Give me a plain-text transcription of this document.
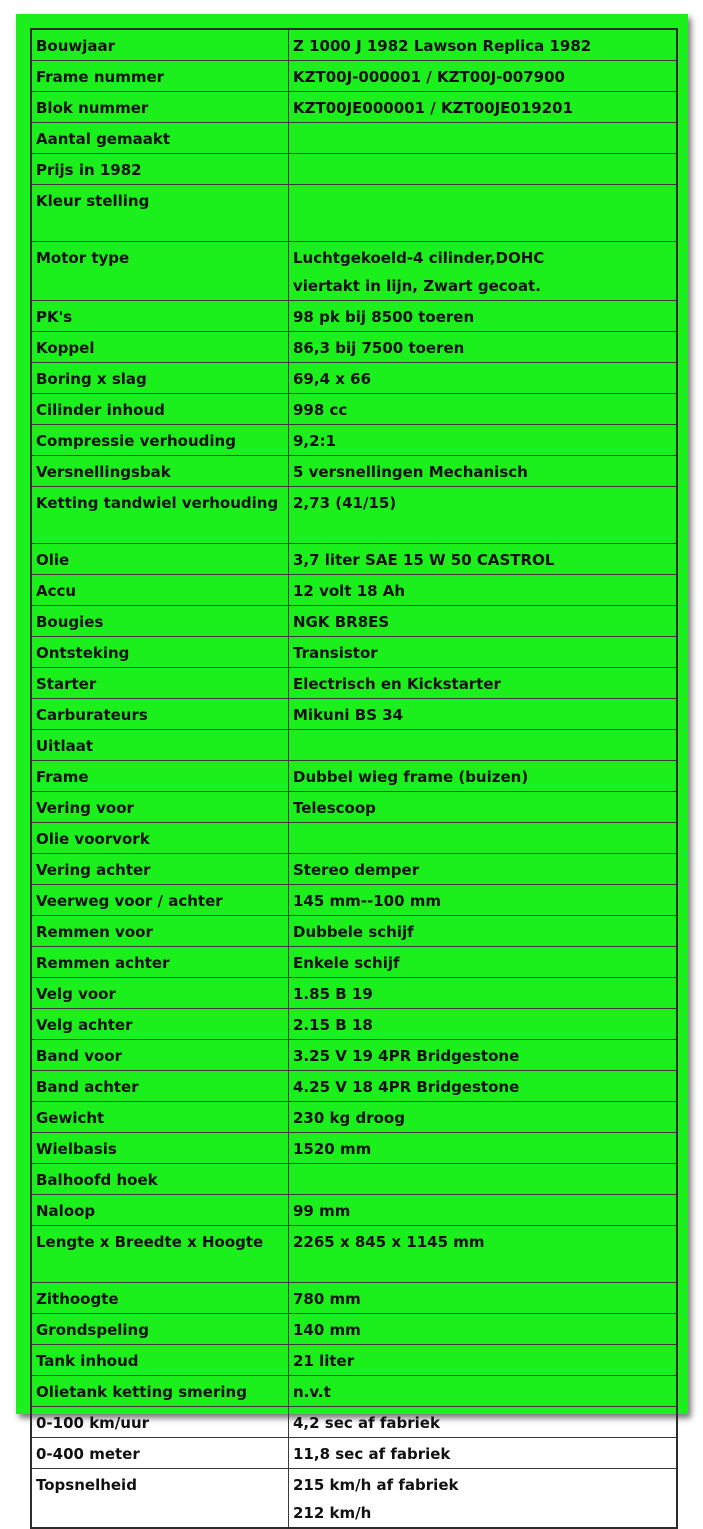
Bouwjaar	Z 1000 J 1982 Lawson Replica 1982

Frame nummer	KZT00J-000001 / KZT00J-007900

Blok nummer	KZT00JE000001 / KZT00JE019201

Aantal gemaakt	

Prijs in 1982	

Kleur stelling	

Motor type	Luchtgekoeld-4 cilinder,DOHC
viertakt in lijn, Zwart gecoat.

PK's	98 pk bij 8500 toeren

Koppel	86,3 bij 7500 toeren

Boring x slag	69,4 x 66

Cilinder inhoud	998 cc

Compressie verhouding	9,2:1

Versnellingsbak	5 versnellingen Mechanisch

Ketting tandwiel verhouding	2,73 (41/15)

Olie	3,7 liter SAE 15 W 50 CASTROL

Accu	12 volt 18 Ah

Bougies	NGK BR8ES

Ontsteking	Transistor

Starter	Electrisch en Kickstarter

Carburateurs	Mikuni BS 34

Uitlaat	

Frame	Dubbel wieg frame (buizen)

Vering voor	Telescoop

Olie voorvork	

Vering achter	Stereo demper

Veerweg voor / achter	145 mm--100 mm

Remmen voor	Dubbele schijf

Remmen achter	Enkele schijf

Velg voor	1.85 B 19

Velg achter	2.15 B 18

Band voor	3.25 V 19 4PR Bridgestone

Band achter	4.25 V 18 4PR Bridgestone

Gewicht	230 kg droog

Wielbasis	1520 mm

Balhoofd hoek	

Naloop	99 mm

Lengte x Breedte x Hoogte	2265 x 845 x 1145 mm

Zithoogte	780 mm

Grondspeling	140 mm

Tank inhoud	21 liter

Olietank ketting smering	n.v.t

0-100 km/uur	4,2 sec af fabriek

0-400 meter	11,8 sec af fabriek

Topsnelheid	215 km/h af fabriek
212 km/h
